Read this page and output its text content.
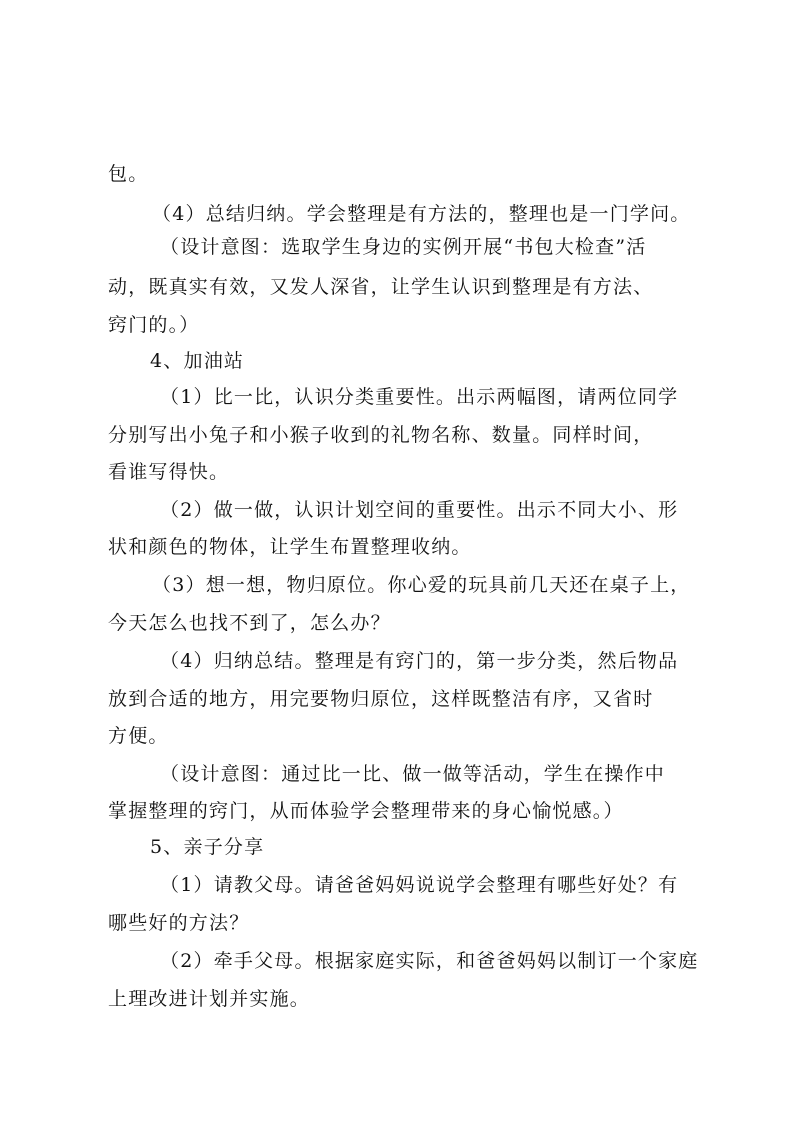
包。
（4）总结归纳。学会整理是有方法的，整理也是一门学问。
（设计意图：选取学生身边的实例开展“书包大检查”活
动，既真实有效，又发人深省，让学生认识到整理是有方法、
窍门的。）
4、加油站
（1）比一比，认识分类重要性。出示两幅图，请两位同学
分别写出小兔子和小猴子收到的礼物名称、数量。同样时间，
看谁写得快。
（2）做一做，认识计划空间的重要性。出示不同大小、形
状和颜色的物体，让学生布置整理收纳。
（3）想一想，物归原位。你心爱的玩具前几天还在桌子上，
今天怎么也找不到了，怎么办？
（4）归纳总结。整理是有窍门的，第一步分类，然后物品
放到合适的地方，用完要物归原位，这样既整洁有序，又省时
方便。
（设计意图：通过比一比、做一做等活动，学生在操作中
掌握整理的窍门，从而体验学会整理带来的身心愉悦感。）
5、亲子分享
（1）请教父母。请爸爸妈妈说说学会整理有哪些好处？有
哪些好的方法？
（2）牵手父母。根据家庭实际，和爸爸妈妈以制订一个家庭
上理改进计划并实施。
